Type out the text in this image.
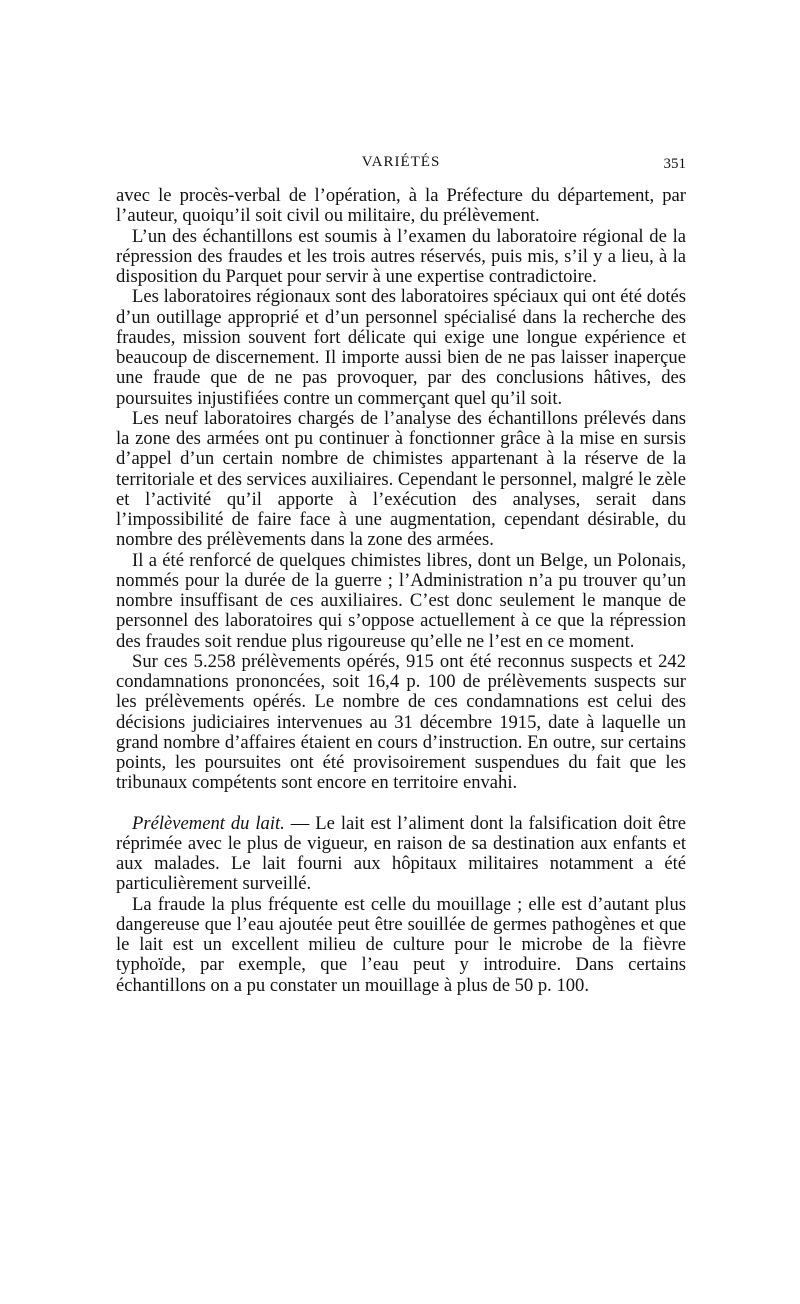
VARIÉTÉS	351

avec le procès-verbal de l’opération, à la Préfecture du département, par l’auteur, quoiqu’il soit civil ou militaire, du prélèvement.

L’un des échantillons est soumis à l’examen du laboratoire régional de la répression des fraudes et les trois autres réservés, puis mis, s’il y a lieu, à la disposition du Parquet pour servir à une expertise contradictoire.

Les laboratoires régionaux sont des laboratoires spéciaux qui ont été dotés d’un outillage approprié et d’un personnel spécialisé dans la recherche des fraudes, mission souvent fort délicate qui exige une longue expérience et beaucoup de discernement. Il importe aussi bien de ne pas laisser inaperçue une fraude que de ne pas provoquer, par des conclusions hâtives, des poursuites injustifiées contre un commerçant quel qu’il soit.

Les neuf laboratoires chargés de l’analyse des échantillons prélevés dans la zone des armées ont pu continuer à fonctionner grâce à la mise en sursis d’appel d’un certain nombre de chimistes appartenant à la réserve de la territoriale et des services auxiliaires. Cependant le personnel, malgré le zèle et l’activité qu’il apporte à l’exécution des analyses, serait dans l’impossibilité de faire face à une augmentation, cependant désirable, du nombre des prélèvements dans la zone des armées.

Il a été renforcé de quelques chimistes libres, dont un Belge, un Polonais, nommés pour la durée de la guerre ; l’Administration n’a pu trouver qu’un nombre insuffisant de ces auxiliaires. C’est donc seulement le manque de personnel des laboratoires qui s’oppose actuellement à ce que la répression des fraudes soit rendue plus rigoureuse qu’elle ne l’est en ce moment.

Sur ces 5.258 prélèvements opérés, 915 ont été reconnus suspects et 242 condamnations prononcées, soit 16,4 p. 100 de prélèvements suspects sur les prélèvements opérés. Le nombre de ces condamnations est celui des décisions judiciaires intervenues au 31 décembre 1915, date à laquelle un grand nombre d’affaires étaient en cours d’instruction. En outre, sur certains points, les poursuites ont été provisoirement suspendues du fait que les tribunaux compétents sont encore en territoire envahi.

Prélèvement du lait. — Le lait est l’aliment dont la falsification doit être réprimée avec le plus de vigueur, en raison de sa destination aux enfants et aux malades. Le lait fourni aux hôpitaux militaires notamment a été particulièrement surveillé.

La fraude la plus fréquente est celle du mouillage ; elle est d’autant plus dangereuse que l’eau ajoutée peut être souillée de germes pathogènes et que le lait est un excellent milieu de culture pour le microbe de la fièvre typhoïde, par exemple, que l’eau peut y introduire. Dans certains échantillons on a pu constater un mouillage à plus de 50 p. 100.
